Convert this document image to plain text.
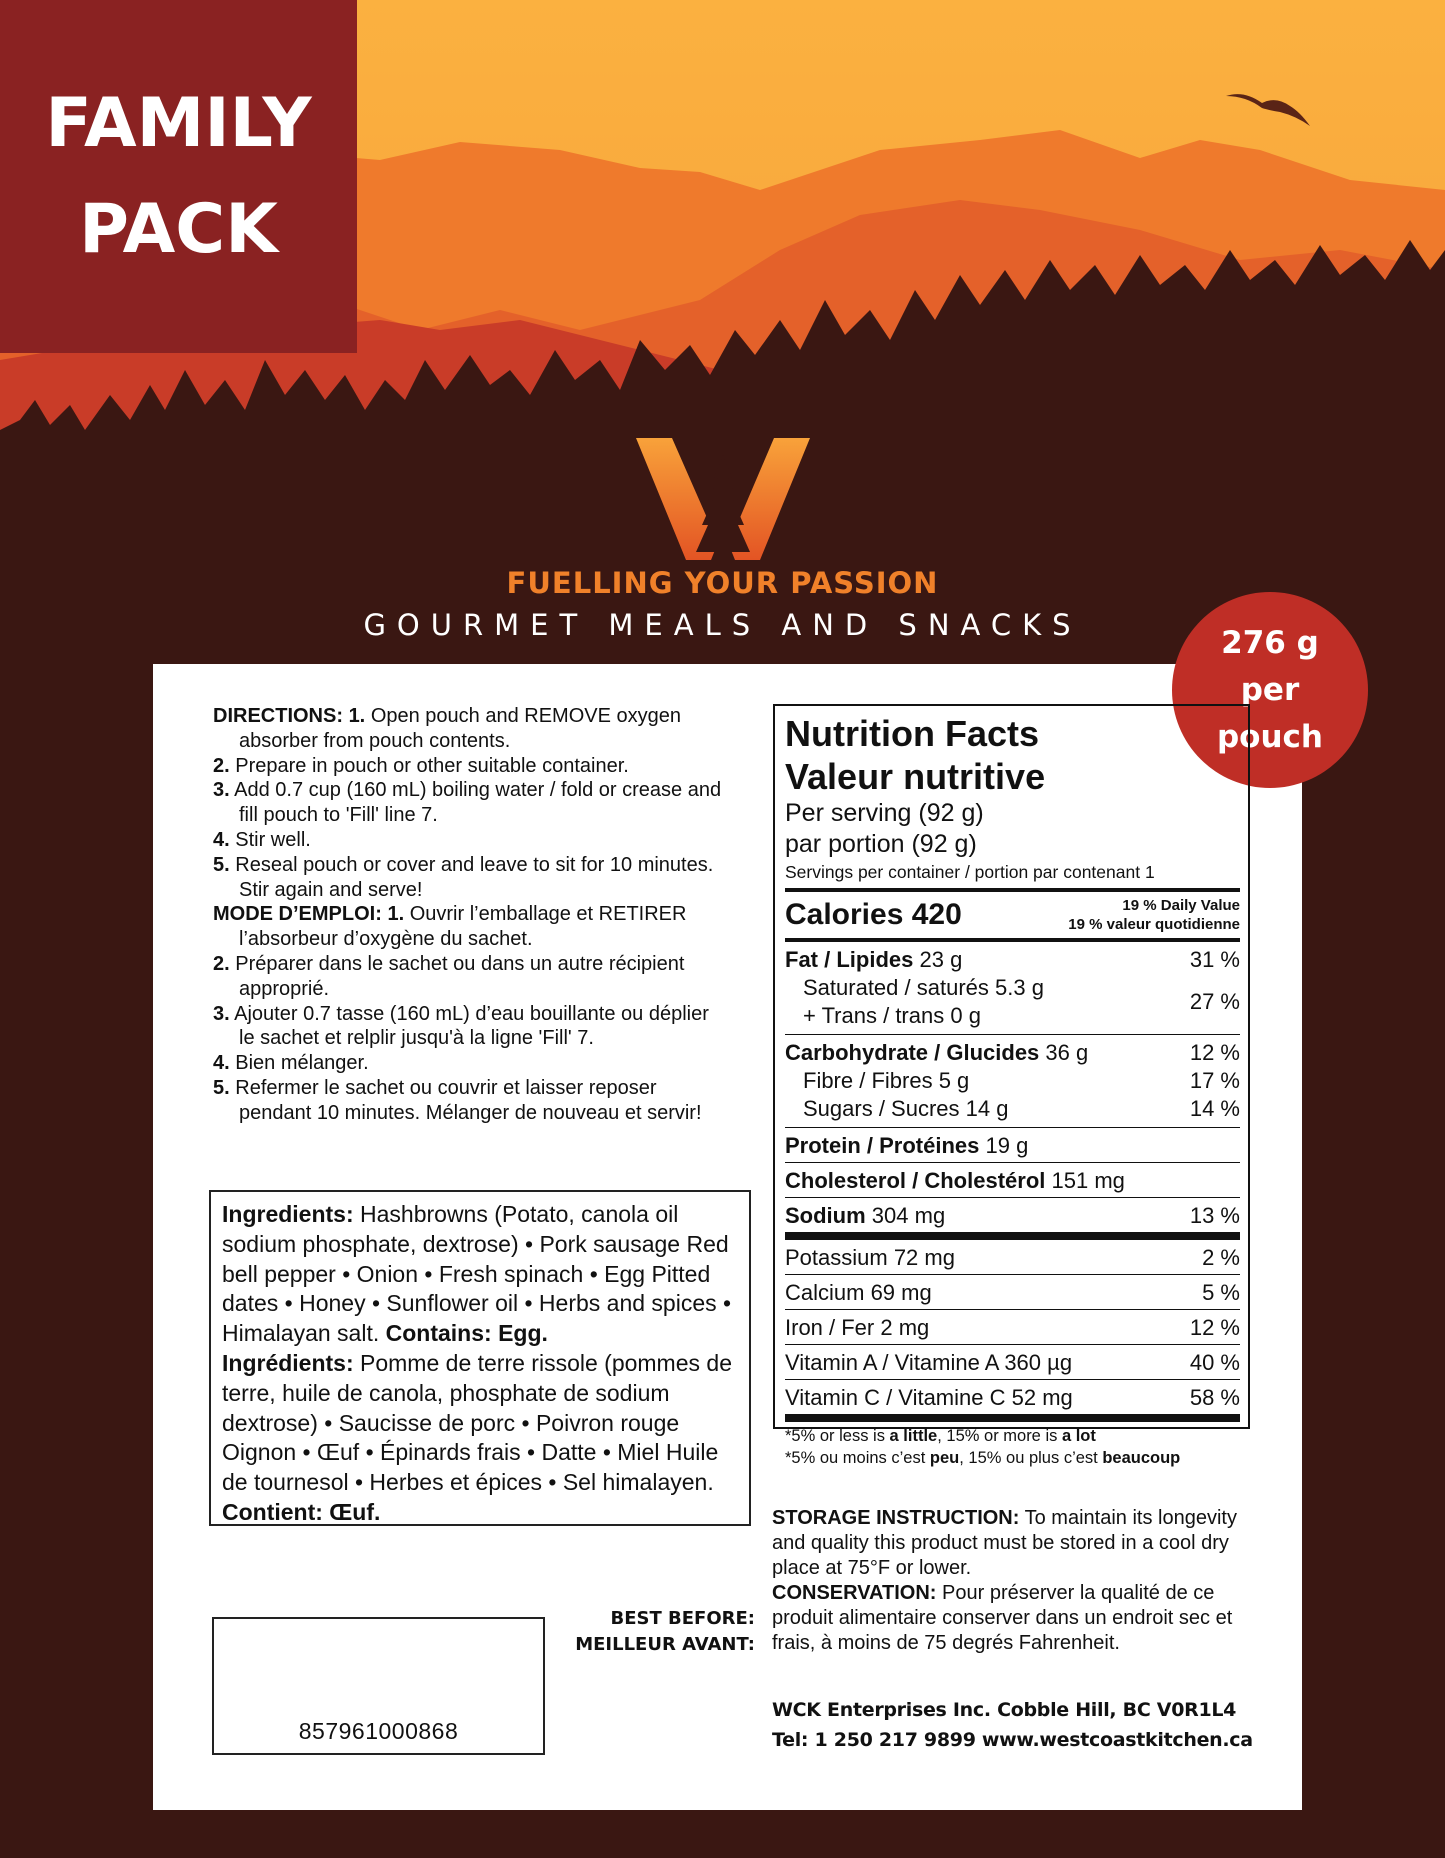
FAMILY
PACK
FUELLING YOUR PASSION
GOURMET MEALS AND SNACKS	276 g
per
pouch

DIRECTIONS: 1. Open pouch and REMOVE oxygen absorber from pouch contents.

2. Prepare in pouch or other suitable container.

3. Add 0.7 cup (160 mL) boiling water / fold or crease and fill pouch to 'Fill' line 7.

4. Stir well.

5. Reseal pouch or cover and leave to sit for 10 minutes. Stir again and serve!

MODE D’EMPLOI: 1. Ouvrir l’emballage et RETIRER l’absorbeur d’oxygène du sachet.

2. Préparer dans le sachet ou dans un autre récipient approprié.

3. Ajouter 0.7 tasse (160 mL) d’eau bouillante ou déplier le sachet et relplir jusqu'à la ligne 'Fill' 7.

4. Bien mélanger.

5. Refermer le sachet ou couvrir et laisser reposer pendant 10 minutes. Mélanger de nouveau et servir!

Ingredients: Hashbrowns (Potato, canola oil sodium phosphate, dextrose) • Pork sausage Red bell pepper • Onion • Fresh spinach • Egg Pitted dates • Honey • Sunflower oil • Herbs and spices • Himalayan salt. Contains: Egg.

Ingrédients: Pomme de terre rissole (pommes de terre, huile de canola, phosphate de sodium dextrose) • Saucisse de porc • Poivron rouge Oignon • Œuf • Épinards frais • Datte • Miel Huile de tournesol • Herbes et épices • Sel himalayen. Contient: Œuf.

Nutrition Facts
Valeur nutritive
Per serving (92 g)
par portion (92 g)
Servings per container / portion par contenant 1
Calories 420	19 % Daily Value
19 % valeur quotidienne
Fat / Lipides 23 g	31 %
Saturated / saturés 5.3 g
+ Trans / trans 0 g
27 %
Carbohydrate / Glucides 36 g	12 %
Fibre / Fibres 5 g	17 %
Sugars / Sucres 14 g	14 %
Protein / Protéines 19 g
Cholesterol / Cholestérol 151 mg
Sodium 304 mg	13 %
Potassium 72 mg	2 %
Calcium 69 mg	5 %
Iron / Fer 2 mg	12 %
Vitamin A / Vitamine A 360 µg	40 %
Vitamin C / Vitamine C 52 mg	58 %
*5% or less is a little, 15% or more is a lot
*5% ou moins c’est peu, 15% ou plus c’est beaucoup

STORAGE INSTRUCTION: To maintain its longevity and quality this product must be stored in a cool dry place at 75°F or lower.

CONSERVATION: Pour préserver la qualité de ce produit alimentaire conserver dans un endroit sec et frais, à moins de 75 degrés Fahrenheit.

WCK Enterprises Inc. Cobble Hill, BC V0R1L4
Tel: 1 250 217 9899 www.westcoastkitchen.ca
BEST BEFORE:
MEILLEUR AVANT:
857961000868
